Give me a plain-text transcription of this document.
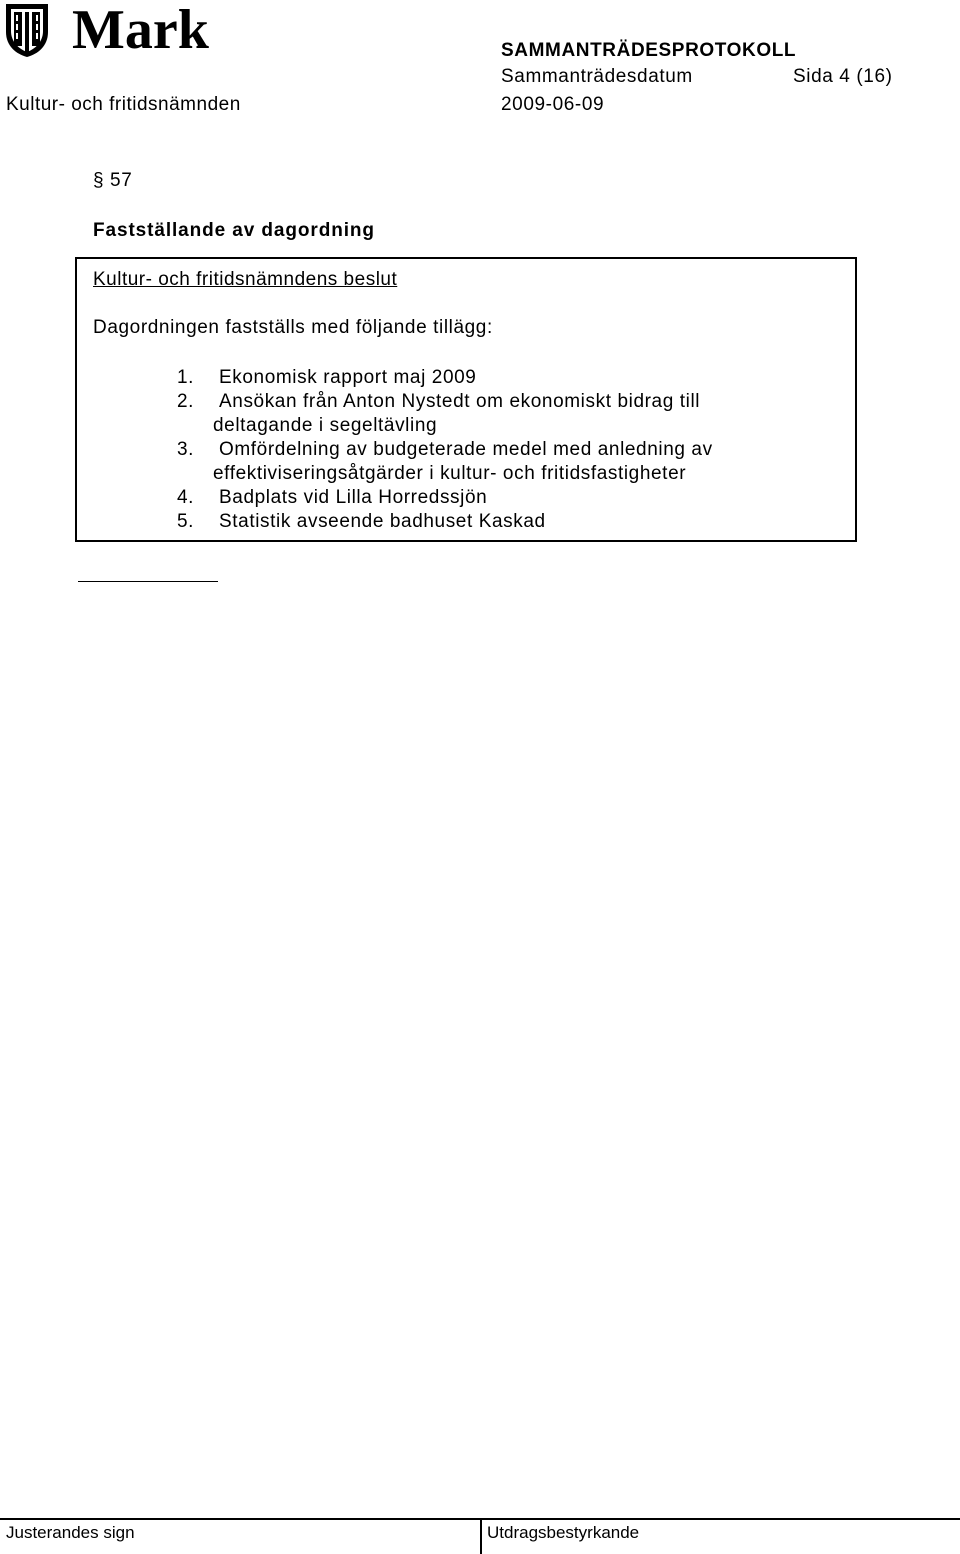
Mark	SAMMANTRÄDESPROTOKOLL
Sammanträdesdatum	Sida 4 (16)
Kultur- och fritidsnämnden	2009-06-09
§ 57
Fastställande av dagordning
Kultur- och fritidsnämndens beslut
Dagordningen fastställs med följande tillägg:
1.	Ekonomisk rapport maj 2009
2.	Ansökan från Anton Nystedt om ekonomiskt bidrag till
deltagande i segeltävling
3.	Omfördelning av budgeterade medel med anledning av
effektiviseringsåtgärder i kultur- och fritidsfastigheter
4.	Badplats vid Lilla Horredssjön
5.	Statistik avseende badhuset Kaskad
Justerandes sign	Utdragsbestyrkande
